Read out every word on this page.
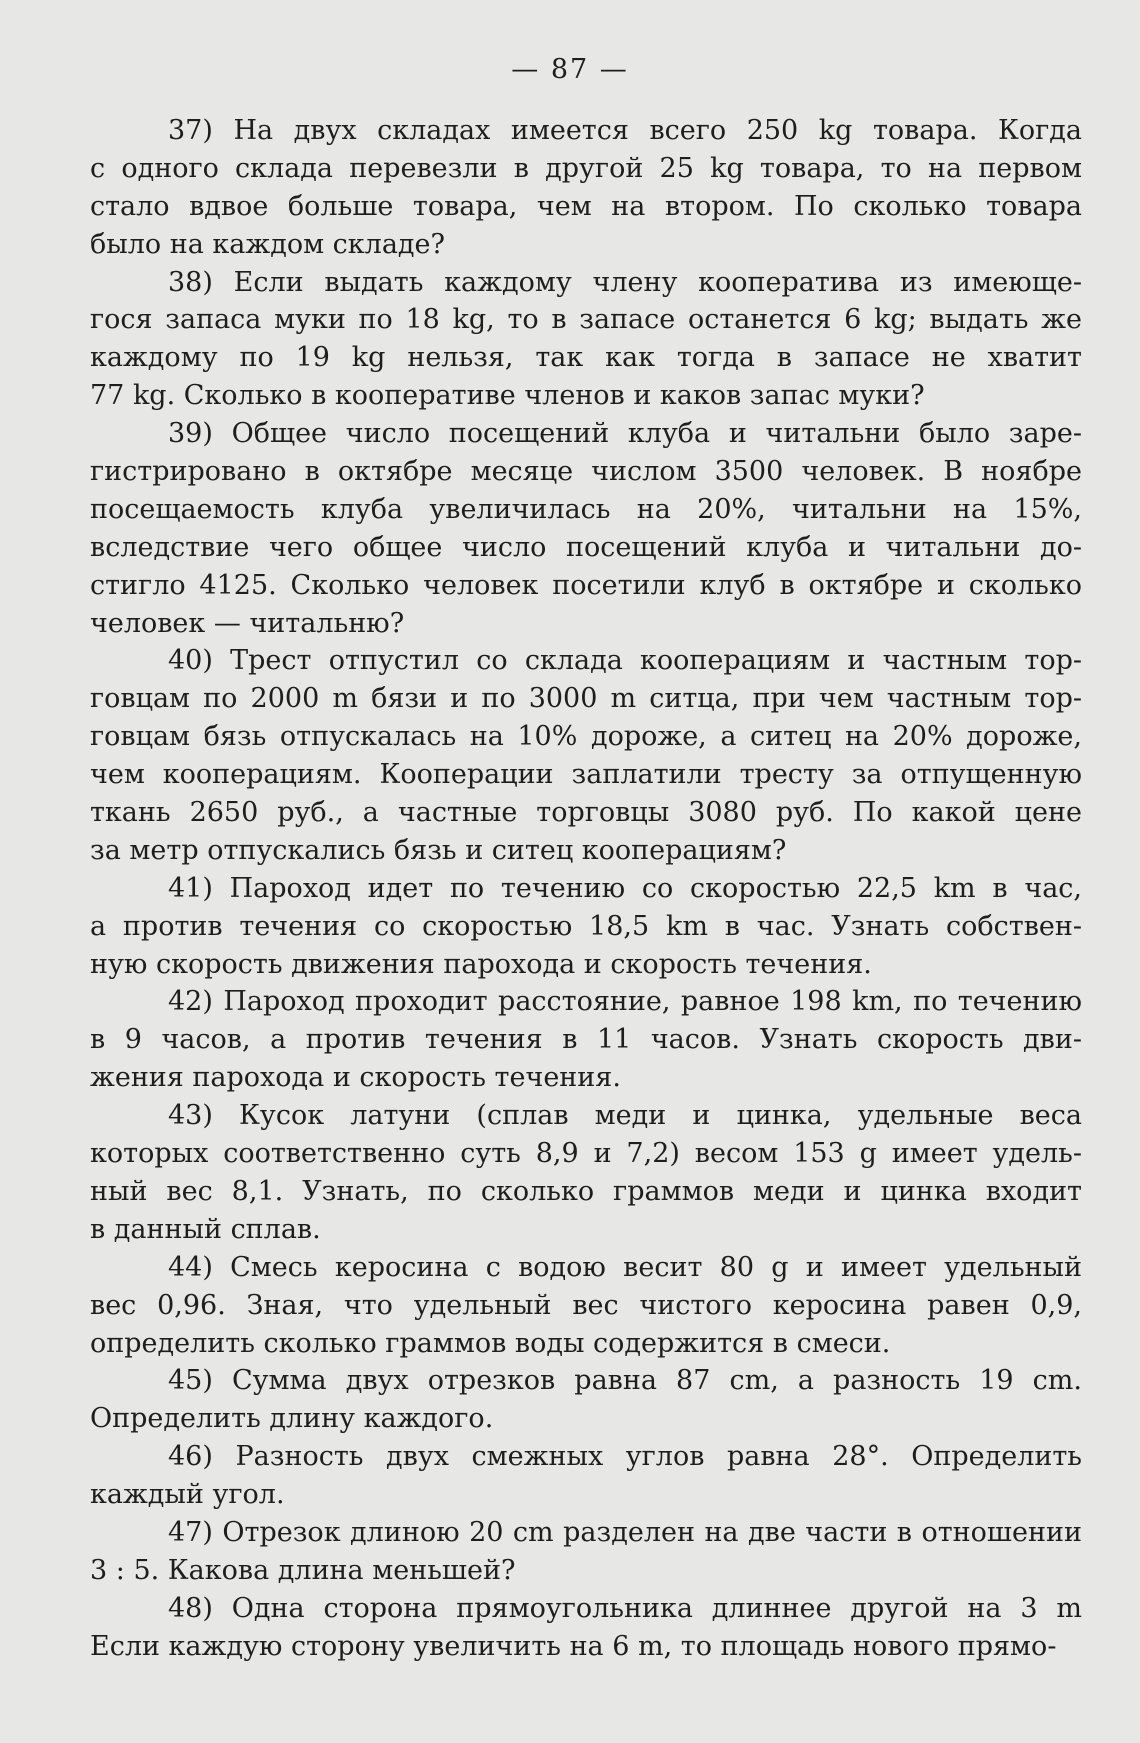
— 87 —
37) На двух складах имеется всего 250 kg товара. Когда
с одного склада перевезли в другой 25 kg товара, то на первом
стало вдвое больше товара, чем на втором. По сколько товара
было на каждом складе?
38) Если выдать каждому члену кооператива из имеюще-
гося запаса муки по 18 kg, то в запасе останется 6 kg; выдать же
каждому по 19 kg нельзя, так как тогда в запасе не хватит
77 kg. Сколько в кооперативе членов и каков запас муки?
39) Общее число посещений клуба и читальни было заре-
гистрировано в октябре месяце числом 3500 человек. В ноябре
посещаемость клуба увеличилась на 20%, читальни на 15%,
вследствие чего общее число посещений клуба и читальни до-
стигло 4125. Сколько человек посетили клуб в октябре и сколько
человек — читальню?
40) Трест отпустил со склада кооперациям и частным тор-
говцам по 2000 m бязи и по 3000 m ситца, при чем частным тор-
говцам бязь отпускалась на 10% дороже, а ситец на 20% дороже,
чем кооперациям. Кооперации заплатили тресту за отпущенную
ткань 2650 руб., а частные торговцы 3080 руб. По какой цене
за метр отпускались бязь и ситец кооперациям?
41) Пароход идет по течению со скоростью 22,5 km в час,
а против течения со скоростью 18,5 km в час. Узнать собствен-
ную скорость движения парохода и скорость течения.
42) Пароход проходит расстояние, равное 198 km, по течению
в 9 часов, а против течения в 11 часов. Узнать скорость дви-
жения парохода и скорость течения.
43) Кусок латуни (сплав меди и цинка, удельные веса
которых соответственно суть 8,9 и 7,2) весом 153 g имеет удель-
ный вес 8,1. Узнать, по сколько граммов меди и цинка входит
в данный сплав.
44) Смесь керосина с водою весит 80 g и имеет удельный
вес 0,96. Зная, что удельный вес чистого керосина равен 0,9,
определить сколько граммов воды содержится в смеси.
45) Сумма двух отрезков равна 87 cm, а разность 19 cm.
Определить длину каждого.
46) Разность двух смежных углов равна 28°. Определить
каждый угол.
47) Отрезок длиною 20 cm разделен на две части в отношении
3 : 5. Какова длина меньшей?
48) Одна сторона прямоугольника длиннее другой на 3 m
Если каждую сторону увеличить на 6 m, то площадь нового прямо-
